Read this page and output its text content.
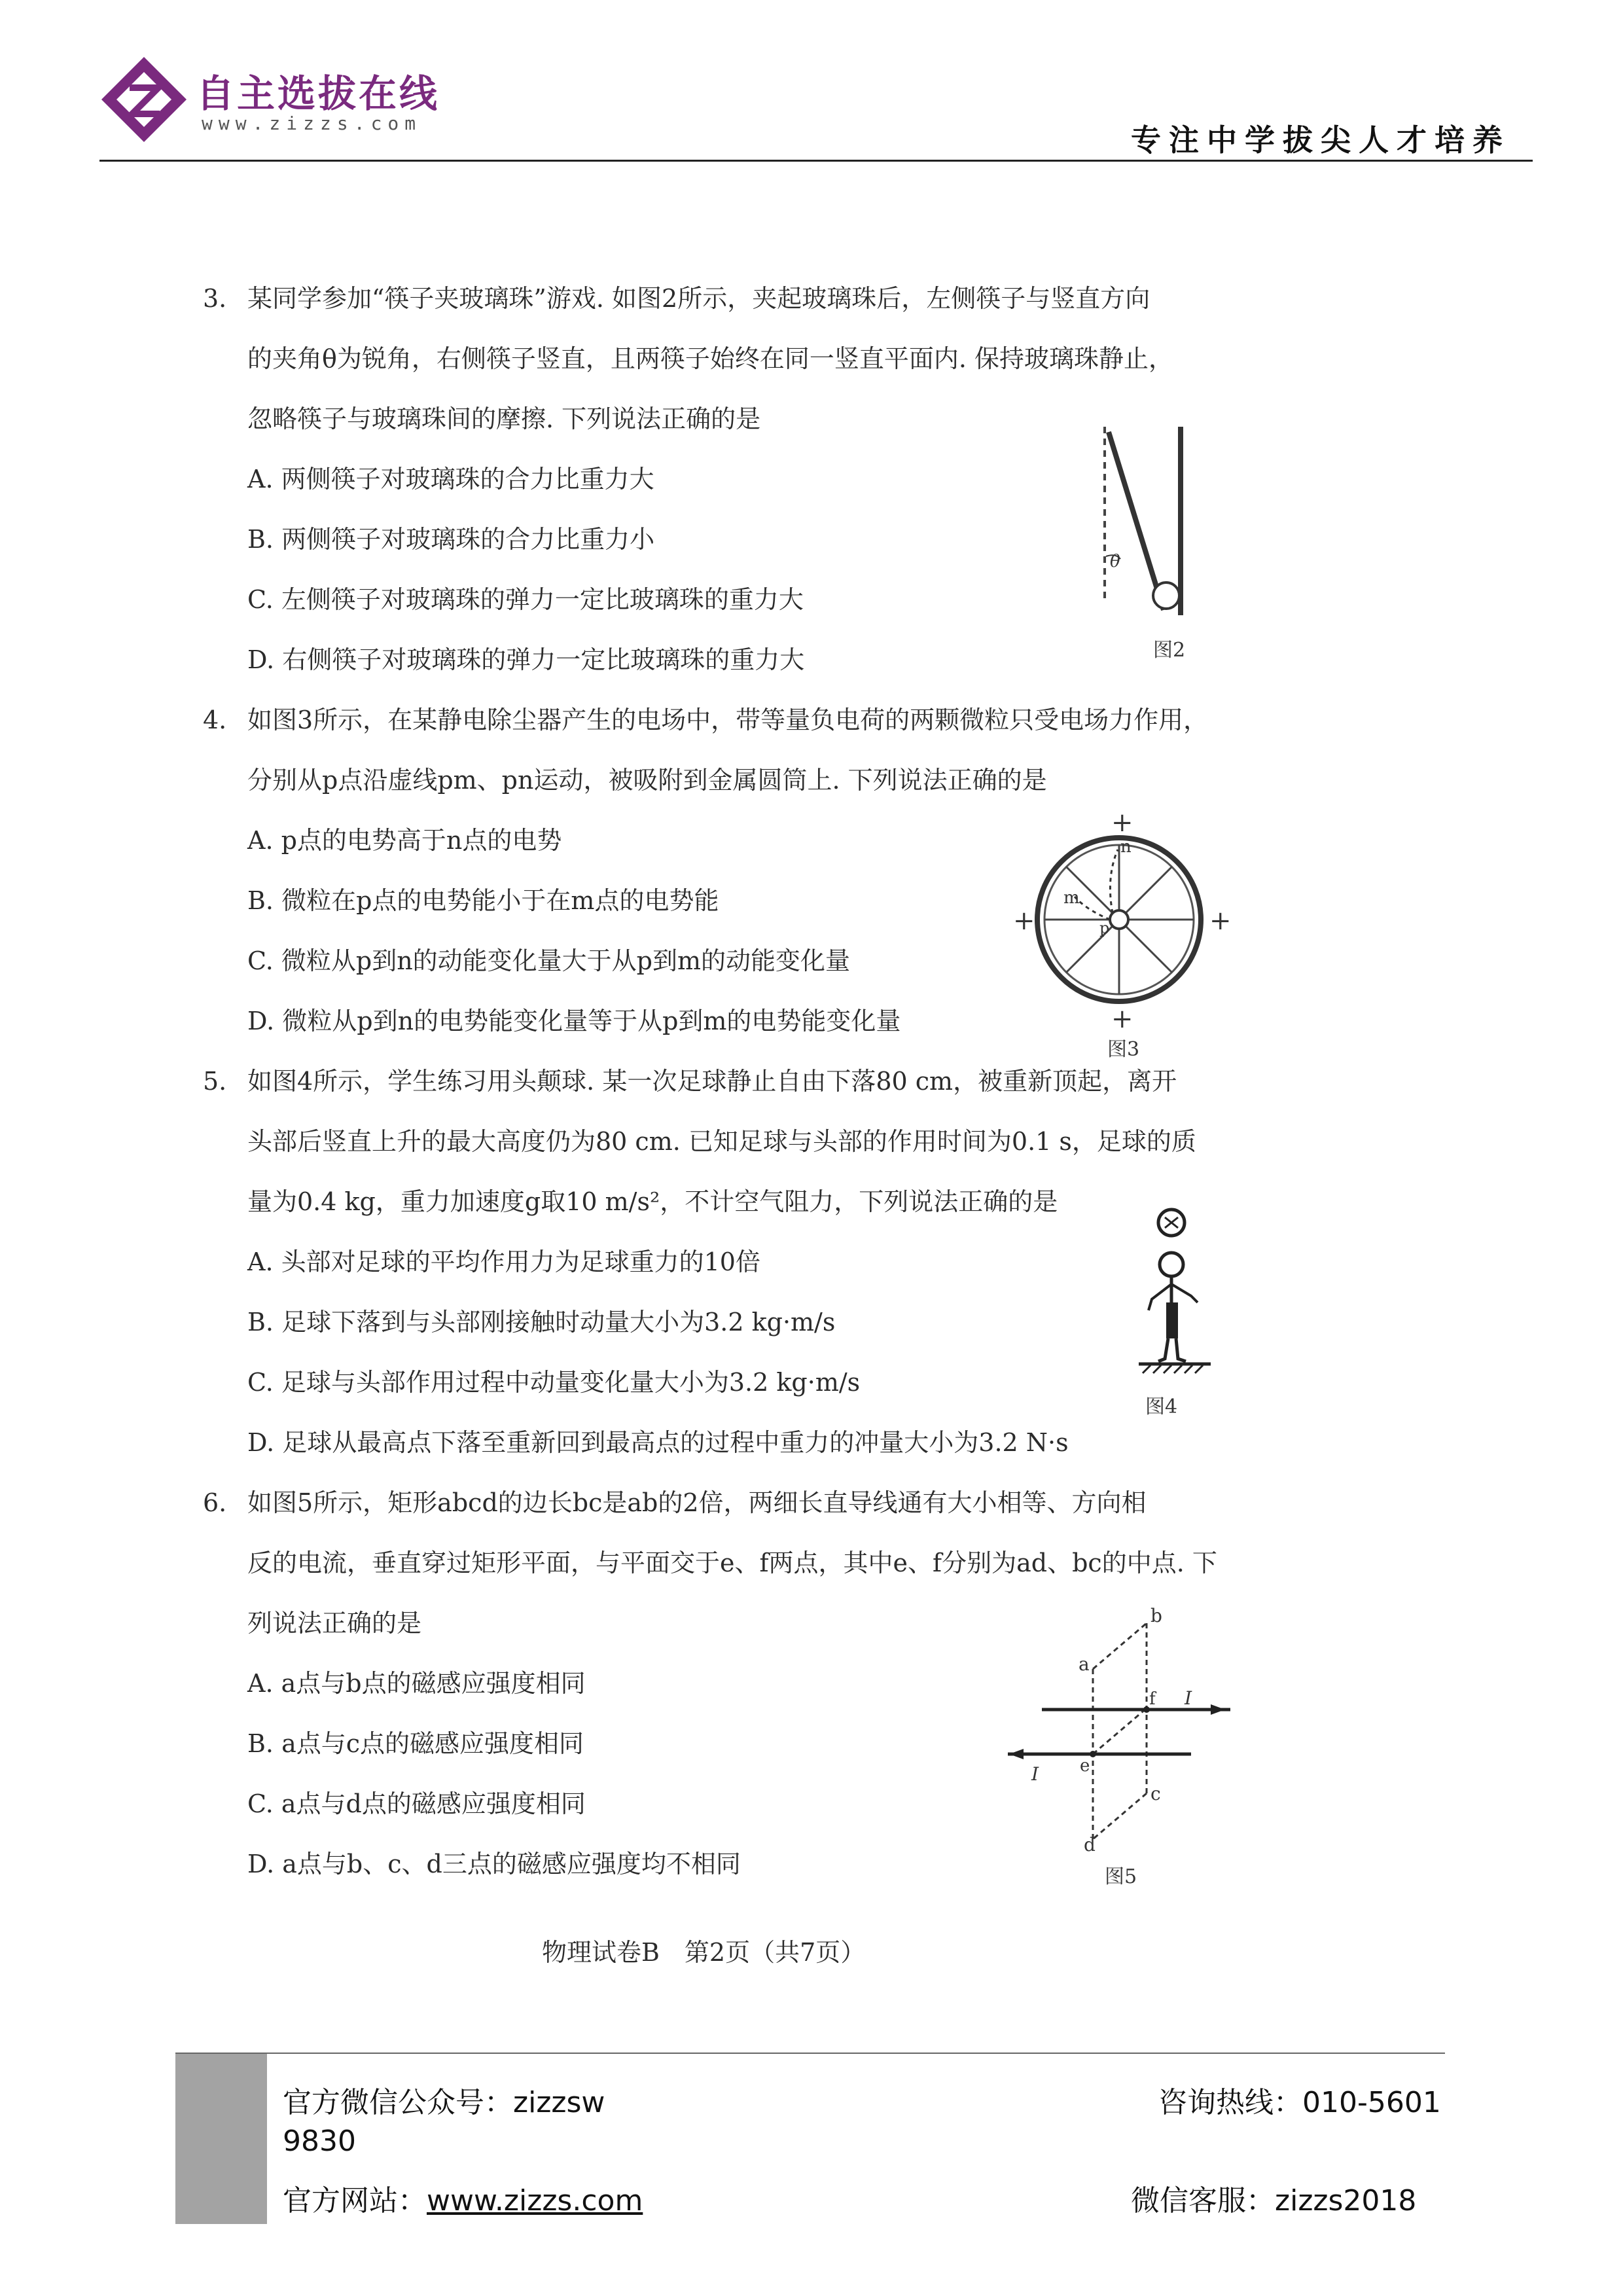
自主选拔在线
www.zizzs.com	专注中学拔尖人才培养
3. 某同学参加“筷子夹玻璃珠”游戏. 如图2所示，夹起玻璃珠后，左侧筷子与竖直方向
的夹角θ为锐角，右侧筷子竖直，且两筷子始终在同一竖直平面内. 保持玻璃珠静止，
忽略筷子与玻璃珠间的摩擦. 下列说法正确的是
A. 两侧筷子对玻璃珠的合力比重力大
B. 两侧筷子对玻璃珠的合力比重力小
C. 左侧筷子对玻璃珠的弹力一定比玻璃珠的重力大
D. 右侧筷子对玻璃珠的弹力一定比玻璃珠的重力大
θ
图2
4. 如图3所示，在某静电除尘器产生的电场中，带等量负电荷的两颗微粒只受电场力作用，
分别从p点沿虚线pm、pn运动，被吸附到金属圆筒上. 下列说法正确的是
A. p点的电势高于n点的电势
B. 微粒在p点的电势能小于在m点的电势能
C. 微粒从p到n的动能变化量大于从p到m的动能变化量
D. 微粒从p到n的电势能变化量等于从p到m的电势能变化量
n
m
p
+
+
+	+
图3
5. 如图4所示，学生练习用头颠球. 某一次足球静止自由下落80 cm，被重新顶起，离开
头部后竖直上升的最大高度仍为80 cm. 已知足球与头部的作用时间为0.1 s，足球的质
量为0.4 kg，重力加速度g取10 m/s²，不计空气阻力，下列说法正确的是
A. 头部对足球的平均作用力为足球重力的10倍
B. 足球下落到与头部刚接触时动量大小为3.2 kg·m/s
C. 足球与头部作用过程中动量变化量大小为3.2 kg·m/s
D. 足球从最高点下落至重新回到最高点的过程中重力的冲量大小为3.2 N·s
图4
6. 如图5所示，矩形abcd的边长bc是ab的2倍，两细长直导线通有大小相等、方向相
反的电流，垂直穿过矩形平面，与平面交于e、f两点，其中e、f分别为ad、bc的中点. 下
列说法正确的是
A. a点与b点的磁感应强度相同
B. a点与c点的磁感应强度相同
C. a点与d点的磁感应强度相同
D. a点与b、c、d三点的磁感应强度均不相同
b
a
c
d
e
f I
I
图5
物理试卷B　第2页（共7页）
官方微信公众号：zizzsw
9830
官方网站：www.zizzs.com
咨询热线：010-5601
微信客服：zizzs2018
